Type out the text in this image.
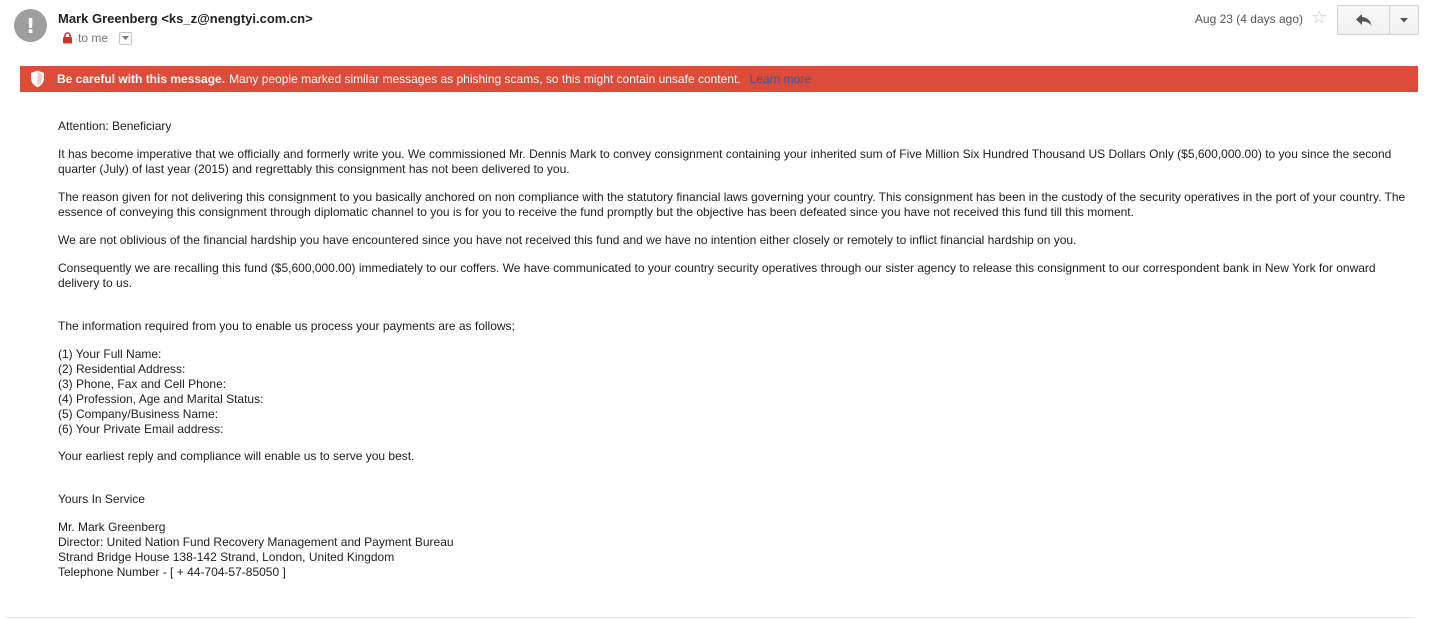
! Mark Greenberg <ks_z@nengtyi.com.cn>
to me
Aug 23 (4 days ago) ☆
Be careful with this message. Many people marked similar messages as phishing scams, so this might contain unsafe content. Learn more

Attention: Beneficiary

It has become imperative that we officially and formerly write you. We commissioned Mr. Dennis Mark to convey consignment containing your inherited sum of Five Million Six Hundred Thousand US Dollars Only ($5,600,000.00) to you since the second quarter (July) of last year (2015) and regrettably this consignment has not been delivered to you.

The reason given for not delivering this consignment to you basically anchored on non compliance with the statutory financial laws governing your country. This consignment has been in the custody of the security operatives in the port of your country. The essence of conveying this consignment through diplomatic channel to you is for you to receive the fund promptly but the objective has been defeated since you have not received this fund till this moment.

We are not oblivious of the financial hardship you have encountered since you have not received this fund and we have no intention either closely or remotely to inflict financial hardship on you.

Consequently we are recalling this fund ($5,600,000.00) immediately to our coffers. We have communicated to your country security operatives through our sister agency to release this consignment to our correspondent bank in New York for onward delivery to us.

The information required from you to enable us process your payments are as follows;

(1) Your Full Name:
(2) Residential Address:
(3) Phone, Fax and Cell Phone:
(4) Profession, Age and Marital Status:
(5) Company/Business Name:
(6) Your Private Email address:

Your earliest reply and compliance will enable us to serve you best.

Yours In Service

Mr. Mark Greenberg
Director: United Nation Fund Recovery Management and Payment Bureau
Strand Bridge House 138-142 Strand, London, United Kingdom
Telephone Number - [ + 44-704-57-85050 ]
